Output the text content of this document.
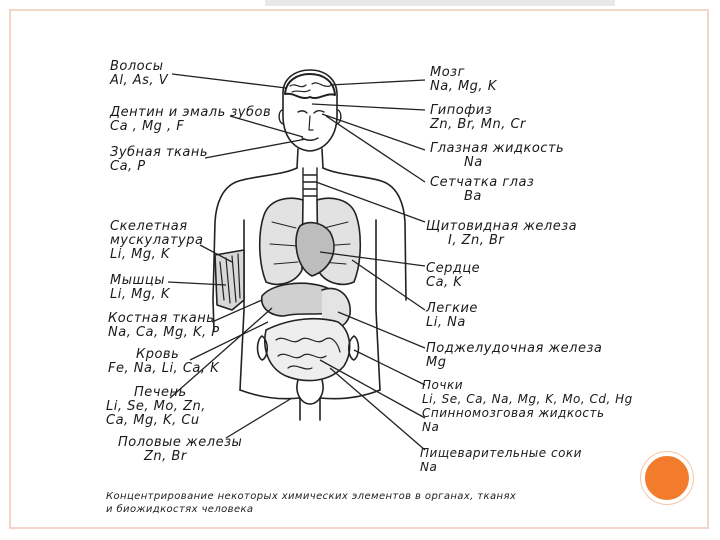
Волосы
Al, As, V
Дентин и эмаль зубов
Ca , Mg , F
Зубная ткань
Ca, P
Скелетная
мускулатура
Li, Mg, K
Мышцы
Li, Mg, K
Костная ткань
Na, Ca, Mg, K, P
Кровь
Fe, Na, Li, Ca, K
Печень
Li, Se, Mo, Zn,
Ca, Mg, K, Cu
Половые железы
Zn, Br
Мозг
Na, Mg, K
Гипофиз
Zn, Br, Mn, Cr
Глазная жидкость
Na
Сетчатка глаз
Ba
Щитовидная железа
I, Zn, Br
Сердце
Ca, K
Легкие
Li, Na
Поджелудочная железа
Mg
Почки
Li, Se, Ca, Na, Mg, K, Mo, Cd, Hg
Спинномозговая жидкость
Na
Пищеварительные соки
Na
Концентрирование некоторых химических элементов в органах, тканях
и биожидкостях человека
